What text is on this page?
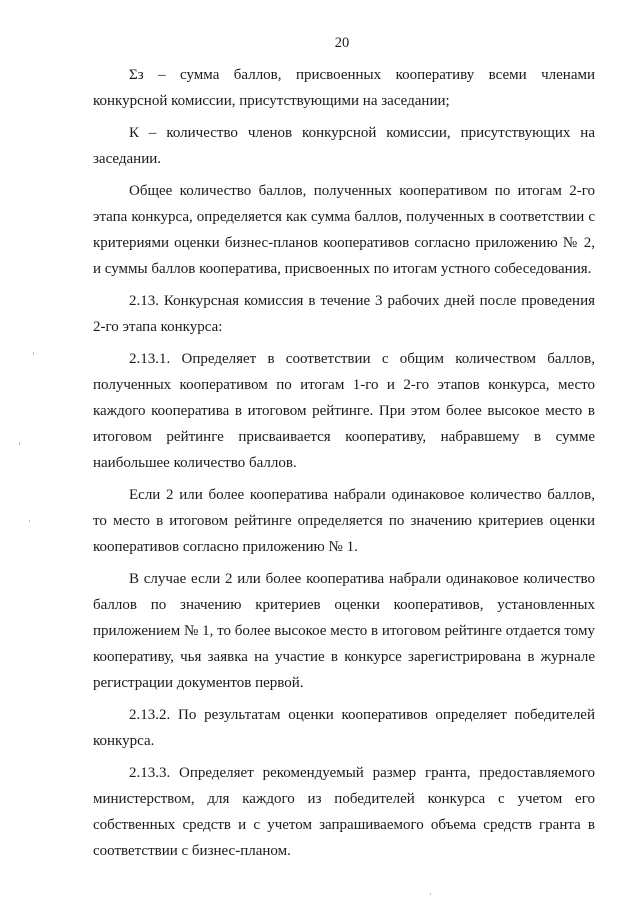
20

Σз – сумма баллов, присвоенных кооперативу всеми членами конкурсной комиссии, присутствующими на заседании;

К – количество членов конкурсной комиссии, присутствующих на заседании.

Общее количество баллов, полученных кооперативом по итогам 2-го этапа конкурса, определяется как сумма баллов, полученных в соответствии с критериями оценки бизнес-планов кооперативов согласно приложению № 2, и суммы баллов кооператива, присвоенных по итогам устного собеседования.

2.13. Конкурсная комиссия в течение 3 рабочих дней после проведения 2-го этапа конкурса:

2.13.1. Определяет в соответствии с общим количеством баллов, полученных кооперативом по итогам 1-го и 2-го этапов конкурса, место каждого кооператива в итоговом рейтинге. При этом более высокое место в итоговом рейтинге присваивается кооперативу, набравшему в сумме наибольшее количество баллов.

Если 2 или более кооператива набрали одинаковое количество баллов, то место в итоговом рейтинге определяется по значению критериев оценки кооперативов согласно приложению № 1.

В случае если 2 или более кооператива набрали одинаковое количество баллов по значению критериев оценки кооперативов, установленных приложением № 1, то более высокое место в итоговом рейтинге отдается тому кооперативу, чья заявка на участие в конкурсе зарегистрирована в журнале регистрации документов первой.

2.13.2. По результатам оценки кооперативов определяет победителей конкурса.

2.13.3. Определяет рекомендуемый размер гранта, предоставляемого министерством, для каждого из победителей конкурса с учетом его собственных средств и с учетом запрашиваемого объема средств гранта в соответствии с бизнес-планом.
